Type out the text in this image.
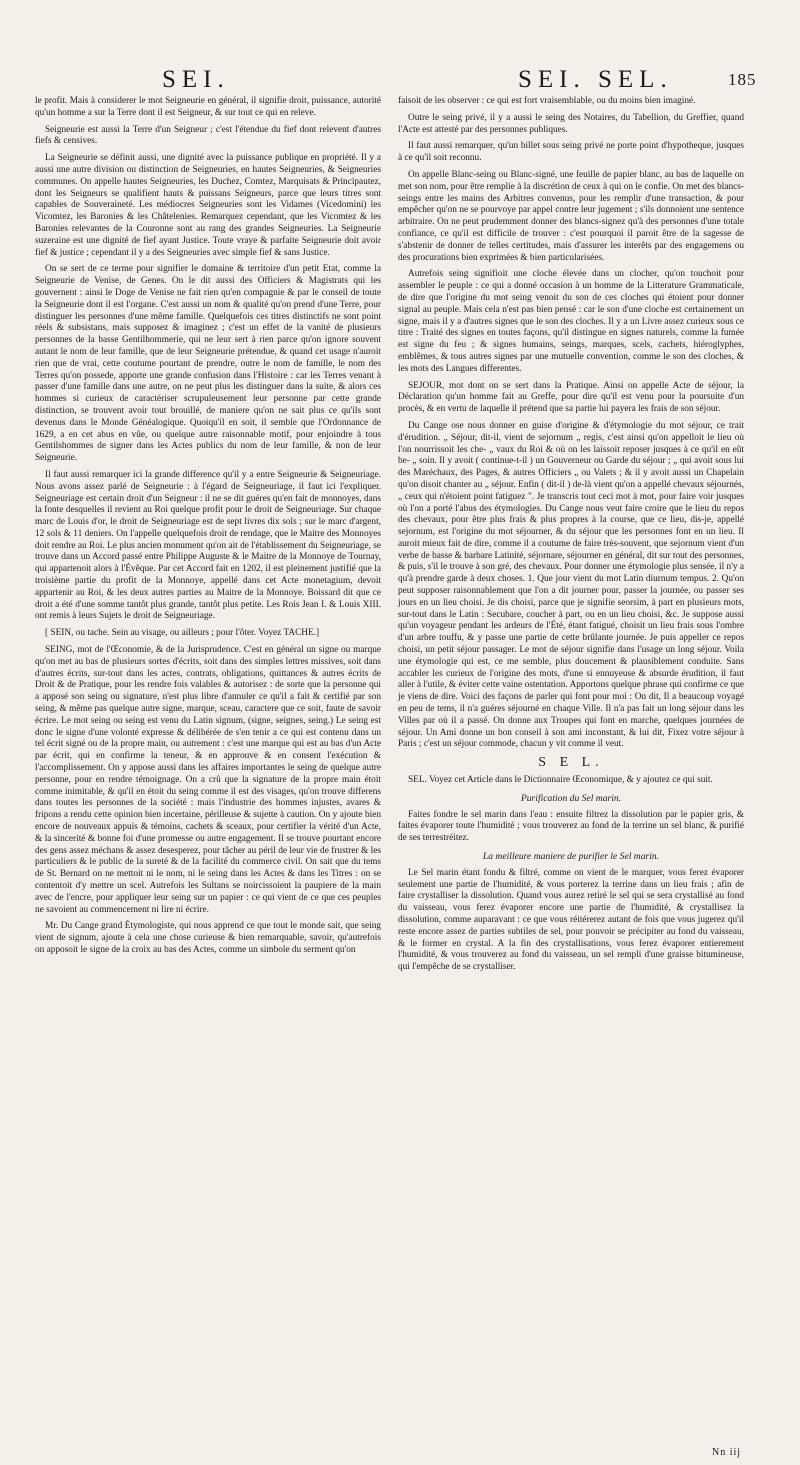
SEI.	SEI. SEL.	185

le profit. Mais à considerer le mot Seigneurie en général, il signifie droit, puissance, autorité qu'un homme a sur la Terre dont il est Seigneur, & sur tout ce qui en releve.

Seigneurie est aussi la Terre d'un Seigneur ; c'est l'étendue du fief dont relevent d'autres fiefs & censives.

La Seigneurie se définit aussi, une dignité avec la puissance publique en propriété. Il y a aussi une autre division ou distinction de Seigneuries, en hautes Seigneuries, & Seigneuries communes. On appelle hautes Seigneuries, les Duchez, Comtez, Marquisats & Principautez, dont les Seigneurs se qualifient hauts & puissans Seigneurs, parce que leurs titres sont capables de Souveraineté. Les médiocres Seigneuries sont les Vidames (Vicedomini) les Vicomtez, les Baronies & les Châtelenies. Remarquez cependant, que les Vicomtez & les Baronies relevantes de la Couronne sont au rang des grandes Seigneuries. La Seigneurie suzeraine est une dignité de fief ayant Justice. Toute vraye & parfaite Seigneurie doit avoir fief & justice ; cependant il y a des Seigneuries avec simple fief & sans Justice.

On se sert de ce terme pour signifier le domaine & territoire d'un petit Etat, comme la Seigneurie de Venise, de Genes. On le dit aussi des Officiers & Magistrats qui les gouvernent : ainsi le Doge de Venise ne fait rien qu'en compagnie & par le conseil de toute la Seigneurie dont il est l'organe. C'est aussi un nom & qualité qu'on prend d'une Terre, pour distinguer les personnes d'une même famille. Quelquefois ces titres distinctifs ne sont point réels & subsistans, mais supposez & imaginez ; c'est un effet de la vanité de plusieurs personnes de la basse Gentilhommerie, qui ne leur sert à rien parce qu'on ignore souvent autant le nom de leur famille, que de leur Seigneurie prétendue, & quand cet usage n'auroit rien que de vrai, cette coutume pourtant de prendre, outre le nom de famille, le nom des Terres qu'on possede, apporte une grande confusion dans l'Histoire : car les Terres venant à passer d'une famille dans une autre, on ne peut plus les distinguer dans la suite, & alors ces hommes si curieux de caractériser scrupuleusement leur personne par cette grande distinction, se trouvent avoir tout brouillé, de maniere qu'on ne sait plus ce qu'ils sont devenus dans le Monde Généalogique. Quoiqu'il en soit, il semble que l'Ordonnance de 1629, a en cet abus en vûe, ou quelque autre raisonnable motif, pour enjoindre à tous Gentilshommes de signer dans les Actes publics du nom de leur famille, & non de leur Seigneurie.

Il faut aussi remarquer ici la grande difference qu'il y a entre Seigneurie & Seigneuriage. Nous avons assez parlé de Seigneurie : à l'égard de Seigneuriage, il faut ici l'expliquer. Seigneuriage est certain droit d'un Seigneur : il ne se dit guéres qu'en fait de monnoyes, dans la fonte desquelles il revient au Roi quelque profit pour le droit de Seigneuriage. Sur chaque marc de Louis d'or, le droit de Seigneuriage est de sept livres dix sols ; sur le marc d'argent, 12 sols & 11 deniers. On l'appelle quelquefois droit de rendage, que le Maitre des Monnoyes doit rendre au Roi. Le plus ancien monument qu'on ait de l'établissement du Seigneuriage, se trouve dans un Accord passé entre Philippe Auguste & le Maitre de la Monnoye de Tournay, qui appartenoit alors à l'Évêque. Par cet Accord fait en 1202, il est pleinement justifié que la troisième partie du profit de la Monnoye, appellé dans cet Acte monetagium, devoit appartenir au Roi, & les deux autres parties au Maitre de la Monnoye. Boissard dit que ce droit a été d'une somme tantôt plus grande, tantôt plus petite. Les Rois Jean I. & Louis XIII. ont remis à leurs Sujets le droit de Seigneuriage.

[ SEIN, ou tache. Sein au visage, ou ailleurs ; pour l'ôter. Voyez TACHE.]

SEING, mot de l'Œconomie, & de la Jurisprudence. C'est en général un signe ou marque qu'on met au bas de plusieurs sortes d'écrits, soit dans des simples lettres missives, soit dans d'autres écrits, sur-tout dans les actes, contrats, obligations, quittances & autres écrits de Droit & de Pratique, pour les rendre fois valables & autorisez : de sorte que la personne qui a apposé son seing ou signature, n'est plus libre d'annuler ce qu'il a fait & certifié par son seing, & même pas quelque autre signe, marque, sceau, caractere que ce soit, faute de savoir écrire. Le mot seing ou seing est venu du Latin signum, (signe, seignes, seing.) Le seing est donc le signe d'une volonté expresse & délibérée de s'en tenir a ce qui est contenu dans un tel écrit signé ou de la propre main, ou autrement : c'est une marque qui est au bas d'un Acte par écrit, qui en confirme la teneur, & en approuve & en consent l'exécution & l'accomplissement. On y appose aussi dans les affaires importantes le seing de quelque autre personne, pour en rendre témoignage. On a crû que la signature de la propre main étoit comme inimitable, & qu'il en étoit du seing comme il est des visages, qu'on trouve differens dans toutes les personnes de la société : mais l'industrie des hommes injustes, avares & fripons a rendu cette opinion bien incertaine, périlleuse & sujette à caution. On y ajoute bien encore de nouveaux appuis & témoins, cachets & sceaux, pour certifier la vérité d'un Acte, & la sincerité & bonne foi d'une promesse ou autre engagement. Il se trouve pourtant encore des gens assez méchans & assez desesperez, pour tâcher au péril de leur vie de frustrer & les particuliers & le public de la sureté & de la facilité du commerce civil. On sait que du tems de St. Bernard on ne mettoit ni le nom, ni le seing dans les Actes & dans les Titres : on se contentoit d'y mettre un scel. Autrefois les Sultans se noircissoient la paupiere de la main avec de l'encre, pour appliquer leur seing sur un papier : ce qui vient de ce que ces peuples ne savoient au commencement ni lire ni écrire.

Mr. Du Cange grand Étymologiste, qui nous apprend ce que tout le monde sait, que seing vient de signum, ajoute à cela une chose curieuse & bien remarquable, savoir, qu'autrefois on apposoit le signe de la croix au bas des Actes, comme un simbole du serment qu'on

faisoit de les observer : ce qui est fort vraisemblable, ou du moins bien imaginé.

Outre le seing privé, il y a aussi le seing des Notaires, du Tabellion, du Greffier, quand l'Acte est attesté par des personnes publiques.

Il faut aussi remarquer, qu'un billet sous seing privé ne porte point d'hypotheque, jusques à ce qu'il soit reconnu.

On appelle Blanc-seing ou Blanc-signé, une feuille de papier blanc, au bas de laquelle on met son nom, pour être remplie à la discrétion de ceux à qui on le confie. On met des blancs-seings entre les mains des Arbitres convenus, pour les remplir d'une transaction, & pour empêcher qu'on ne se pourvoye par appel contre leur jugement ; s'ils donnoient une sentence arbitraire. On ne peut prudemment donner des blancs-signez qu'à des personnes d'une totale confiance, ce qu'il est difficile de trouver : c'est pourquoi il paroit être de la sagesse de s'abstenir de donner de telles certitudes, mais d'assurer les interêts par des engagemens ou des procurations bien exprimées & bien particularisées.

Autrefois seing signifioit une cloche élevée dans un clocher, qu'on touchoit pour assembler le peuple : ce qui a donné occasion à un homme de la Litterature Grammaticale, de dire que l'origine du mot seing venoit du son de ces cloches qui étoient pour donner signal au peuple. Mais cela n'est pas bien pensé : car le son d'une cloche est certainement un signe, mais il y a d'autres signes que le son des cloches. Il y a un Livre assez curieux sous ce titre : Traité des signes en toutes façons, qu'il distingue en signes naturels, comme la fumée est signe du feu ; & signes humains, seings, marques, scels, cachets, hiéroglyphes, emblêmes, & tous autres signes par une mutuelle convention, comme le son des cloches, & les mots des Langues differentes.

SEJOUR, mot dont on se sert dans la Pratique. Ainsi on appelle Acte de séjour, la Déclaration qu'un homme fait au Greffe, pour dire qu'il est venu pour la poursuite d'un procès, & en vertu de laquelle il prétend que sa partie lui payera les frais de son séjour.

Du Cange ose nous donner en guise d'origine & d'étymologie du mot séjour, ce trait d'érudition. „ Séjour, dit-il, vient de sejornum „ regis, c'est ainsi qu'on appelloit le lieu où l'on nourrissoit les che- „ vaux du Roi & où on les laissoit reposer jusques à ce qu'il en eût be- „ soin. Il y avoit ( continue-t-il ) un Gouverneur ou Garde du séjour ; „ qui avoit sous lui des Maréchaux, des Pages, & autres Officiers „ ou Valets ; & il y avoit aussi un Chapelain qu'on disoit chanter au „ séjour. Enfin ( dit-il ) de-là vient qu'on a appellé chevaux séjournés, „ ceux qui n'étoient point fatiguez ". Je transcris tout ceci mot à mot, pour faire voir jusques où l'on a porté l'abus des étymologies. Du Cange nous veut faire croire que le lieu du repos des chevaux, pour être plus frais & plus propres à la course, que ce lieu, dis-je, appellé sejornum, est l'origine du mot séjourner, & du séjour que les personnes font en un lieu. Il auroit mieux fait de dire, comme il a coutume de faire très-souvent, que sejornum vient d'un verbe de basse & barbare Latinité, séjornare, séjourner en général, dit sur tout des personnes, & puis, s'il le trouve à son gré, des chevaux. Pour donner une étymologie plus sensée, il n'y a qu'à prendre garde à deux choses. 1. Que jour vient du mot Latin diurnum tempus. 2. Qu'on peut supposer raisonnablement que l'on a dit journer pour, passer la journée, ou passer ses jours en un lieu choisi. Je dis choisi, parce que je signifie seorsim, à part en plusieurs mots, sur-tout dans le Latin : Secubare, coucher à part, ou en un lieu choisi, &c. Je suppose aussi qu'un voyageur pendant les ardeurs de l'Été, étant fatigué, choisit un lieu frais sous l'ombre d'un arbre touffu, & y passe une partie de cette brûlante journée. Je puis appeller ce repos choisi, un petit séjour passager. Le mot de séjour signifie dans l'usage un long séjour. Voila une étymologie qui est, ce me semble, plus doucement & plausiblement conduite. Sans accabler les curieux de l'origine des mots, d'une si ennuyeuse & absurde érudition, il faut aller à l'utile, & éviter cette vaine ostentation. Apportons quelque phrase qui confirme ce que je viens de dire. Voici des façons de parler qui font pour moi : On dit, Il a beaucoup voyagé en peu de tems, il n'a guéres séjourné en chaque Ville. Il n'a pas fait un long séjour dans les Villes par où il a passé. On donne aux Troupes qui font en marche, quelques journées de séjour. Un Ami donne un bon conseil à son ami inconstant, & lui dit, Fixez votre séjour à Paris ; c'est un séjour commode, chacun y vit comme il veut.

S E L.

SEL. Voyez cet Article dans le Dictionnaire Œconomique, & y ajoutez ce qui suit.

Purification du Sel marin.

Faites fondre le sel marin dans l'eau : ensuite filtrez la dissolution par le papier gris, & faites évaporer toute l'humidité ; vous trouverez au fond de la terrine un sel blanc, & purifié de ses terrestréitez.

La meilleure maniere de purifier le Sel marin.

Le Sel marin étant fondu & filtré, comme on vient de le marquer, vous ferez évaporer seulement une partie de l'humidité, & vous porterez la terrine dans un lieu frais ; afin de faire crystalliser la dissolution. Quand vous aurez retiré le sel qui se sera crystallisé au fond du vaisseau, vous ferez évaporer encore une partie de l'humidité, & crystallisez la dissolution, comme auparavant : ce que vous réitérerez autant de fois que vous jugerez qu'il reste encore assez de parties subtiles de sel, pour pouvoir se précipiter au fond du vaisseau, & le former en crystal. A la fin des crystallisations, vous ferez évaporer entierement l'humidité, & vous trouverez au fond du vaisseau, un sel rempli d'une graisse bitumineuse, qui l'empêche de se crystalliser.

Nn iij
